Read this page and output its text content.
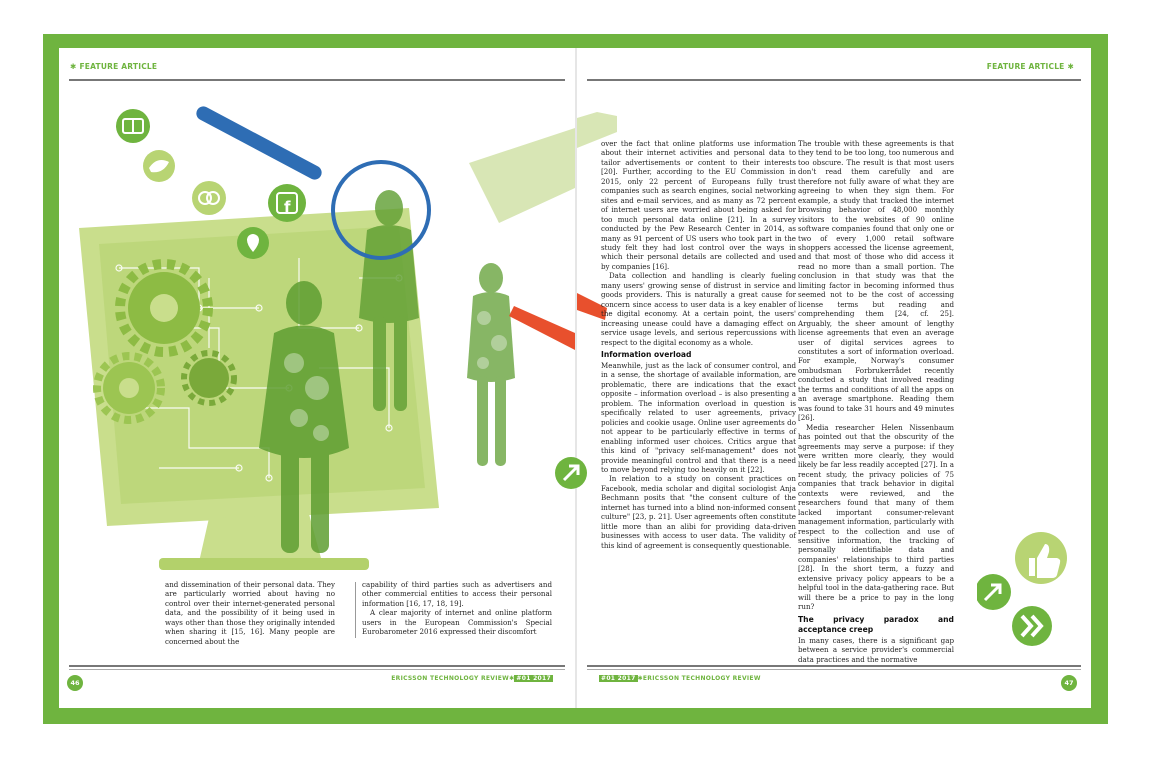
✱ FEATURE ARTICLE
f

and dissemination of their personal data. They are particularly worried about having no control over their internet-generated personal data, and the possibility of it being used in ways other than those they originally intended when sharing it [15, 16]. Many people are concerned about the

capability of third parties such as advertisers and other commercial entities to access their personal information [16, 17, 18, 19].

A clear majority of internet and online platform users in the European Commission's Special Eurobarometer 2016 expressed their discomfort

46
ERICSSON TECHNOLOGY REVIEW✱ #01 2017
FEATURE ARTICLE ✱

over the fact that online platforms use information about their internet activities and personal data to tailor advertisements or content to their interests [20]. Further, according to the EU Commission in 2015, only 22 percent of Europeans fully trust companies such as search engines, social networking sites and e-mail services, and as many as 72 percent of internet users are worried about being asked for too much personal data online [21]. In a survey conducted by the Pew Research Center in 2014, as many as 91 percent of US users who took part in the study felt they had lost control over the ways in which their personal details are collected and used by companies [16].

Data collection and handling is clearly fueling many users' growing sense of distrust in service and goods providers. This is naturally a great cause for concern since access to user data is a key enabler of the digital economy. At a certain point, the users' increasing unease could have a damaging effect on service usage levels, and serious repercussions with respect to the digital economy as a whole.

Information overload

Meanwhile, just as the lack of consumer control, and in a sense, the shortage of available information, are problematic, there are indications that the exact opposite – information overload – is also presenting a problem. The information overload in question is specifically related to user agreements, privacy policies and cookie usage. Online user agreements do not appear to be particularly effective in terms of enabling informed user choices. Critics argue that this kind of "privacy self-management" does not provide meaningful control and that there is a need to move beyond relying too heavily on it [22].

In relation to a study on consent practices on Facebook, media scholar and digital sociologist Anja Bechmann posits that "the consent culture of the internet has turned into a blind non-informed consent culture" [23, p. 21]. User agreements often constitute little more than an alibi for providing data-driven businesses with access to user data. The validity of this kind of agreement is consequently questionable.

The trouble with these agreements is that they tend to be too long, too numerous and too obscure. The result is that most users don't read them carefully and are therefore not fully aware of what they are agreeing to when they sign them. For example, a study that tracked the internet browsing behavior of 48,000 monthly visitors to the websites of 90 online software companies found that only one or two of every 1,000 retail software shoppers accessed the license agreement, and that most of those who did access it read no more than a small portion. The conclusion in that study was that the limiting factor in becoming informed thus seemed not to be the cost of accessing license terms but reading and comprehending them [24, cf. 25]. Arguably, the sheer amount of lengthy license agreements that even an average user of digital services agrees to constitutes a sort of information overload. For example, Norway's consumer ombudsman Forbrukerrådet recently conducted a study that involved reading the terms and conditions of all the apps on an average smartphone. Reading them was found to take 31 hours and 49 minutes [26].

Media researcher Helen Nissenbaum has pointed out that the obscurity of the agreements may serve a purpose: if they were written more clearly, they would likely be far less readily accepted [27]. In a recent study, the privacy policies of 75 companies that track behavior in digital contexts were reviewed, and the researchers found that many of them lacked important consumer-relevant management information, particularly with respect to the collection and use of sensitive information, the tracking of personally identifiable data and companies' relationships to third parties [28]. In the short term, a fuzzy and extensive privacy policy appears to be a helpful tool in the data-gathering race. But will there be a price to pay in the long run?

The privacy paradox and acceptance creep

In many cases, there is a significant gap between a service provider's commercial data practices and the normative

#01 2017 ✱ERICSSON TECHNOLOGY REVIEW
47
